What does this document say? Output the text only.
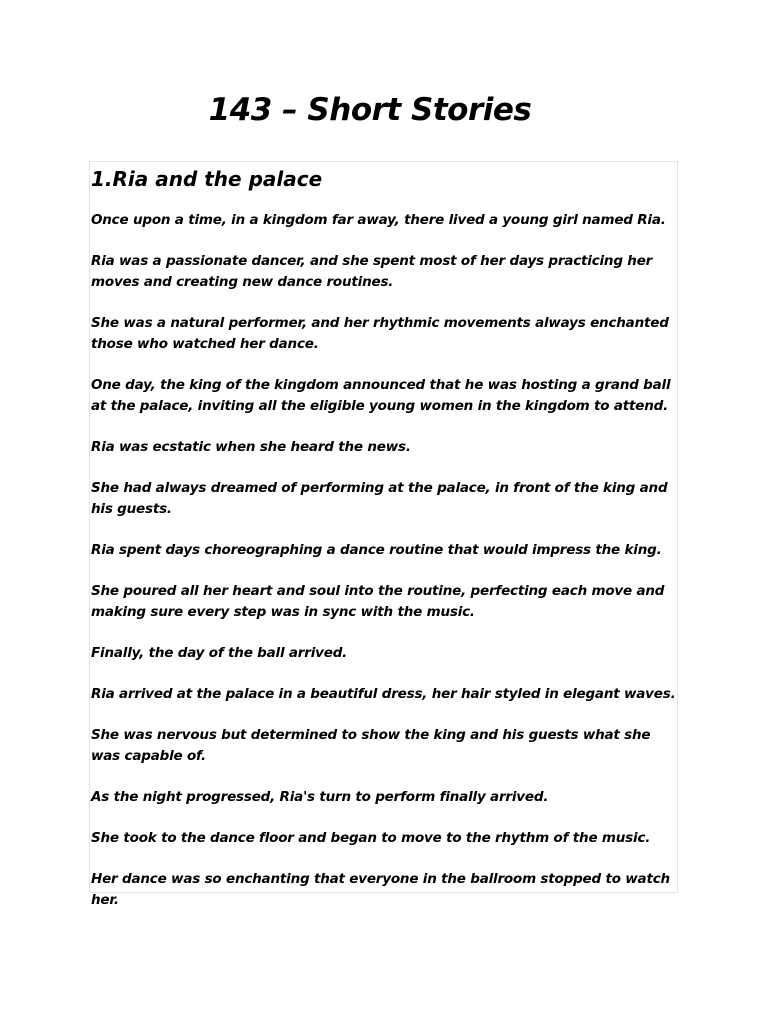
143 – Short Stories
1.Ria and the palace

Once upon a time, in a kingdom far away, there lived a young girl named Ria.

Ria was a passionate dancer, and she spent most of her days practicing her moves and creating new dance routines.

She was a natural performer, and her rhythmic movements always enchanted those who watched her dance.

One day, the king of the kingdom announced that he was hosting a grand ball at the palace, inviting all the eligible young women in the kingdom to attend.

Ria was ecstatic when she heard the news.

She had always dreamed of performing at the palace, in front of the king and his guests.

Ria spent days choreographing a dance routine that would impress the king.

She poured all her heart and soul into the routine, perfecting each move and making sure every step was in sync with the music.

Finally, the day of the ball arrived.

Ria arrived at the palace in a beautiful dress, her hair styled in elegant waves.

She was nervous but determined to show the king and his guests what she was capable of.

As the night progressed, Ria's turn to perform finally arrived.

She took to the dance floor and began to move to the rhythm of the music.

Her dance was so enchanting that everyone in the ballroom stopped to watch her.
